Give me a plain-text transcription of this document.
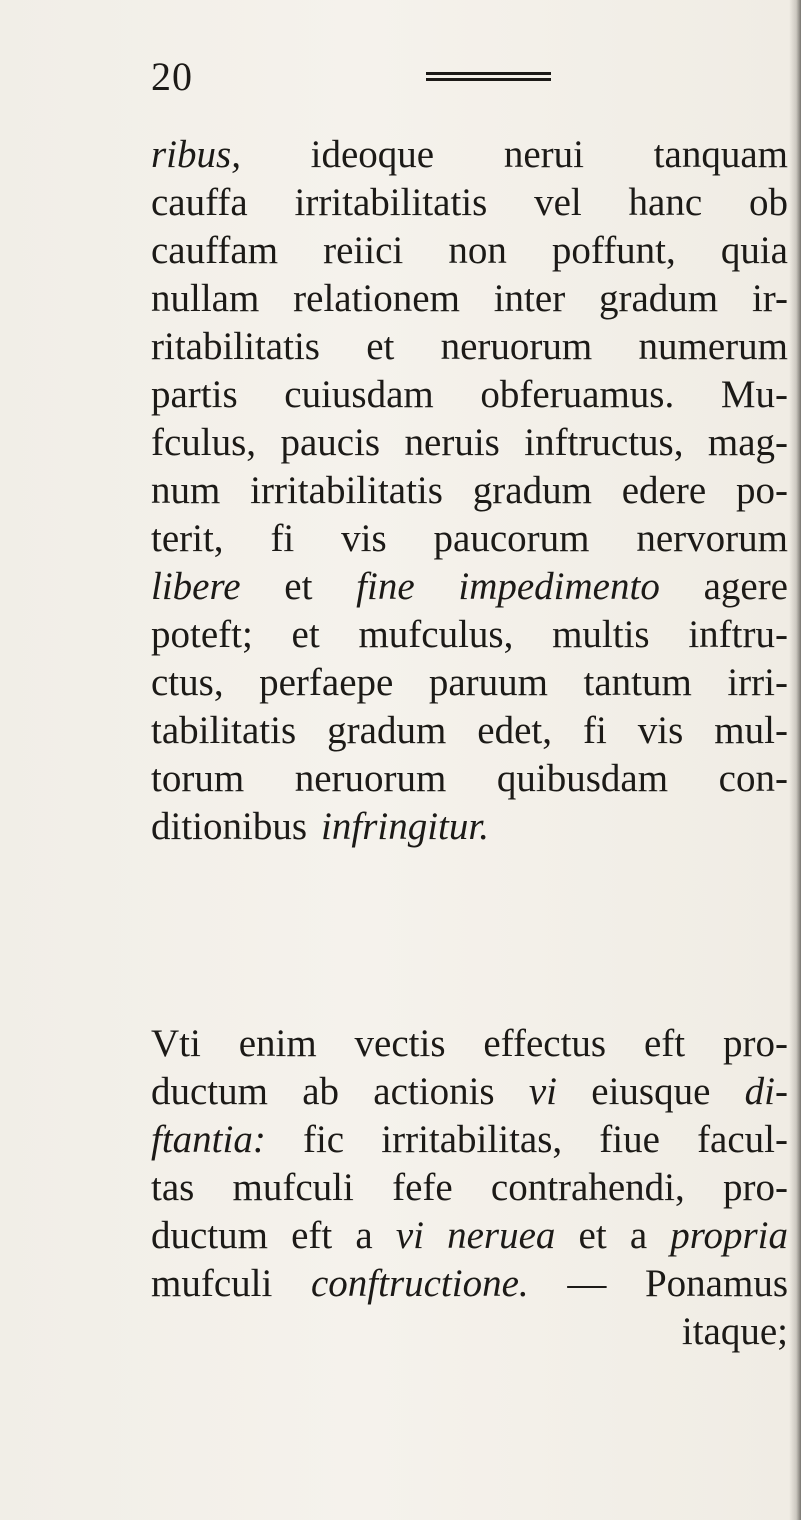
20
ribus, ideoque nerui tanquam
cauffa irritabilitatis vel hanc ob
cauffam reiici non poffunt, quia
nullam relationem inter gradum ir-
ritabilitatis et neruorum numerum
partis cuiusdam obferuamus. Mu-
fculus, paucis neruis inftructus, mag-
num irritabilitatis gradum edere po-
terit, fi vis paucorum nervorum
libere et fine impedimento agere
poteft; et mufculus, multis inftru-
ctus, perfaepe paruum tantum irri-
tabilitatis gradum edet, fi vis mul-
torum neruorum quibusdam con-
ditionibus infringitur.
Vti enim vectis effectus eft pro-
ductum ab actionis vi eiusque di-
ftantia: fic irritabilitas, fiue facul-
tas mufculi fefe contrahendi, pro-
ductum eft a vi neruea et a propria
mufculi conftructione. — Ponamus
itaque;
